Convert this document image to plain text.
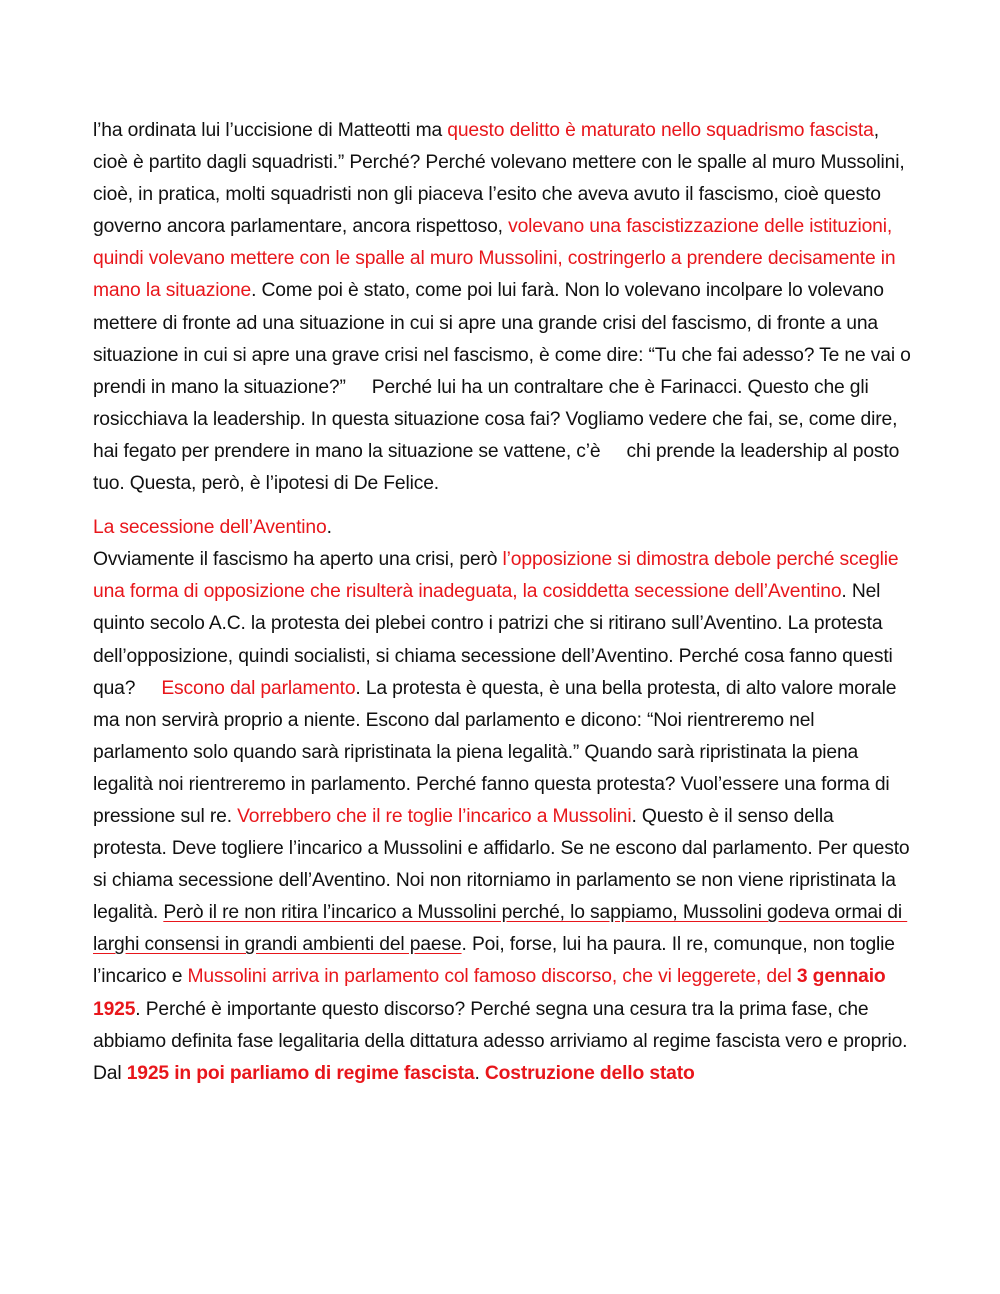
l’ha ordinata lui l’uccisione di Matteotti ma questo delitto è maturato nello squadrismo fascista, cioè è partito dagli squadristi.” Perché? Perché volevano mettere con le spalle al muro Mussolini, cioè, in pratica, molti squadristi non gli piaceva l’esito che aveva avuto il fascismo, cioè questo governo ancora parlamentare, ancora rispettoso, volevano una fascistizzazione delle istituzioni, quindi volevano mettere con le spalle al muro Mussolini, costringerlo a prendere decisamente in mano la situazione. Come poi è stato, come poi lui farà. Non lo volevano incolpare lo volevano mettere di fronte ad una situazione in cui si apre una grande crisi del fascismo, di fronte a una situazione in cui si apre una grave crisi nel fascismo, è come dire: “Tu che fai adesso? Te ne vai o prendi in mano la situazione?”     Perché lui ha un contraltare che è Farinacci. Questo che gli rosicchiava la leadership. In questa situazione cosa fai? Vogliamo vedere che fai, se, come dire, hai fegato per prendere in mano la situazione se vattene, c’è     chi prende la leadership al posto tuo. Questa, però, è l’ipotesi di De Felice.

La secessione dell’Aventino.

Ovviamente il fascismo ha aperto una crisi, però l’opposizione si dimostra debole perché sceglie una forma di opposizione che risulterà inadeguata, la cosiddetta secessione dell’Aventino. Nel quinto secolo A.C. la protesta dei plebei contro i patrizi che si ritirano sull’Aventino. La protesta dell’opposizione, quindi socialisti, si chiama secessione dell’Aventino. Perché cosa fanno questi qua?     Escono dal parlamento. La protesta è questa, è una bella protesta, di alto valore morale ma non servirà proprio a niente. Escono dal parlamento e dicono: “Noi rientreremo nel parlamento solo quando sarà ripristinata la piena legalità.” Quando sarà ripristinata la piena legalità noi rientreremo in parlamento. Perché fanno questa protesta? Vuol’essere una forma di pressione sul re. Vorrebbero che il re toglie l’incarico a Mussolini. Questo è il senso della protesta. Deve togliere l’incarico a Mussolini e affidarlo. Se ne escono dal parlamento. Per questo si chiama secessione dell’Aventino. Noi non ritorniamo in parlamento se non viene ripristinata la legalità. Però il re non ritira l’incarico a Mussolini perché, lo sappiamo, Mussolini godeva ormai di larghi consensi in grandi ambienti del paese. Poi, forse, lui ha paura. Il re, comunque, non toglie l’incarico e Mussolini arriva in parlamento col famoso discorso, che vi leggerete, del 3 gennaio 1925. Perché è importante questo discorso? Perché segna una cesura tra la prima fase, che abbiamo definita fase legalitaria della dittatura adesso arriviamo al regime fascista vero e proprio. Dal 1925 in poi parliamo di regime fascista. Costruzione dello stato
